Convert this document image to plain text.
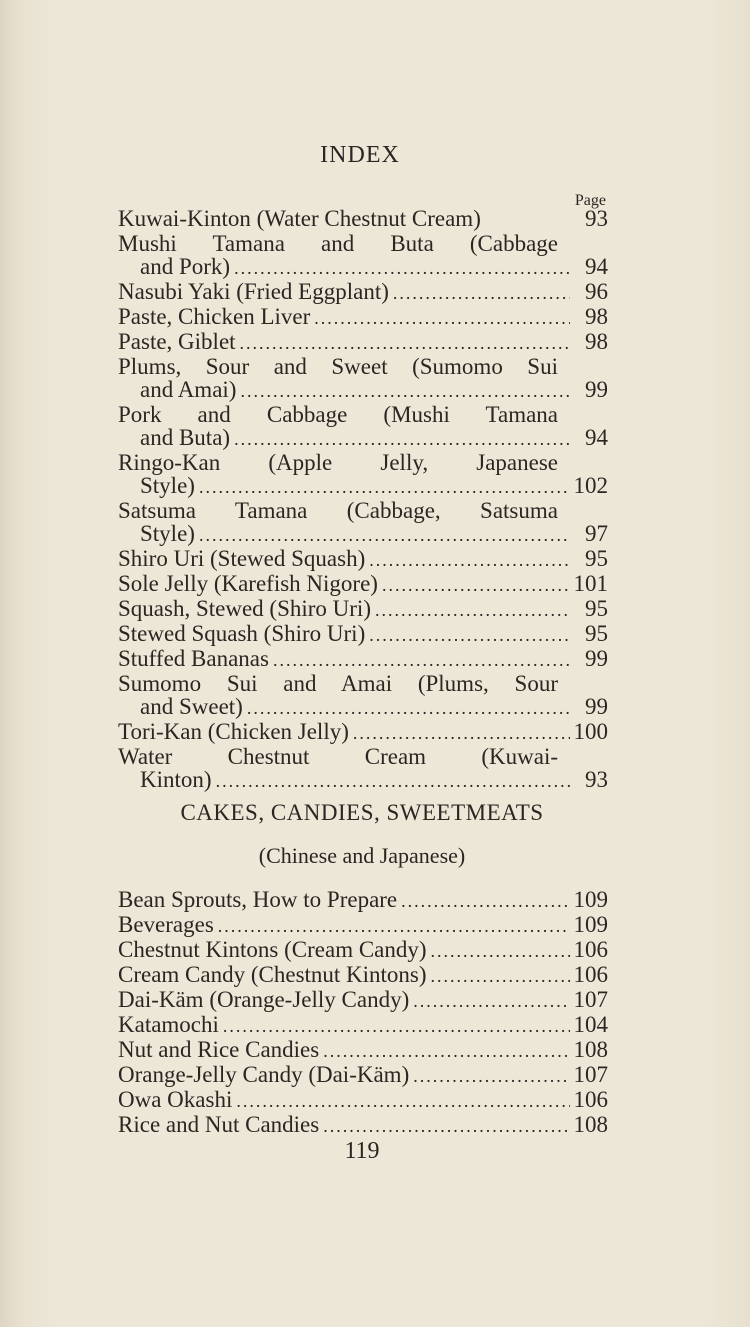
INDEX
Page
Kuwai-Kinton (Water Chestnut Cream)	93
Mushi Tamana and Buta (Cabbage
and Pork) .....	94
Nasubi Yaki (Fried Eggplant) .....	96
Paste, Chicken Liver .....	98
Paste, Giblet .....	98
Plums, Sour and Sweet (Sumomo Sui
and Amai) .....	99
Pork and Cabbage (Mushi Tamana
and Buta) .....	94
Ringo-Kan (Apple Jelly, Japanese
Style) .....	102
Satsuma Tamana (Cabbage, Satsuma
Style) .....	97
Shiro Uri (Stewed Squash) .....	95
Sole Jelly (Karefish Nigore) .....	101
Squash, Stewed (Shiro Uri) .....	95
Stewed Squash (Shiro Uri) .....	95
Stuffed Bananas .....	99
Sumomo Sui and Amai (Plums, Sour
and Sweet) .....	99
Tori-Kan (Chicken Jelly) .....	100
Water Chestnut Cream (Kuwai-
Kinton) .....	93
CAKES, CANDIES, SWEETMEATS
(Chinese and Japanese)
Bean Sprouts, How to Prepare .....	109
Beverages .....	109
Chestnut Kintons (Cream Candy) .....	106
Cream Candy (Chestnut Kintons) .....	106
Dai-Käm (Orange-Jelly Candy) .....	107
Katamochi .....	104
Nut and Rice Candies .....	108
Orange-Jelly Candy (Dai-Käm) .....	107
Owa Okashi .....	106
Rice and Nut Candies .....	108
119
